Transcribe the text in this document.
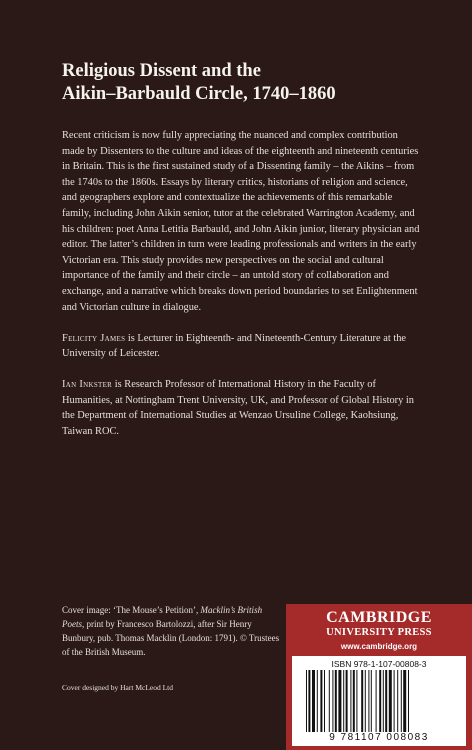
Religious Dissent and the
Aikin–Barbauld Circle, 1740–1860

Recent criticism is now fully appreciating the nuanced and complex contribution made by Dissenters to the culture and ideas of the eighteenth and nineteenth centuries in Britain. This is the first sustained study of a Dissenting family – the Aikins – from the 1740s to the 1860s. Essays by literary critics, historians of religion and science, and geographers explore and contextualize the achievements of this remarkable family, including John Aikin senior, tutor at the celebrated Warrington Academy, and his children: poet Anna Letitia Barbauld, and John Aikin junior, literary physician and editor. The latter’s children in turn were leading professionals and writers in the early Victorian era. This study provides new perspectives on the social and cultural importance of the family and their circle – an untold story of collaboration and exchange, and a narrative which breaks down period boundaries to set Enlightenment and Victorian culture in dialogue.

Felicity James is Lecturer in Eighteenth- and Nineteenth-Century Literature at the University of Leicester.

Ian Inkster is Research Professor of International History in the Faculty of Humanities, at Nottingham Trent University, UK, and Professor of Global History in the Department of International Studies at Wenzao Ursuline College, Kaohsiung, Taiwan ROC.

Cover image: ‘The Mouse’s Petition’, Macklin’s British Poets, print by Francesco Bartolozzi, after Sir Henry Bunbury, pub. Thomas Macklin (London: 1791). © Trustees of the British Museum.
Cover designed by Hart McLeod Ltd
CAMBRIDGE
UNIVERSITY PRESS
www.cambridge.org
ISBN 978-1-107-00808-3
9 781107 008083
